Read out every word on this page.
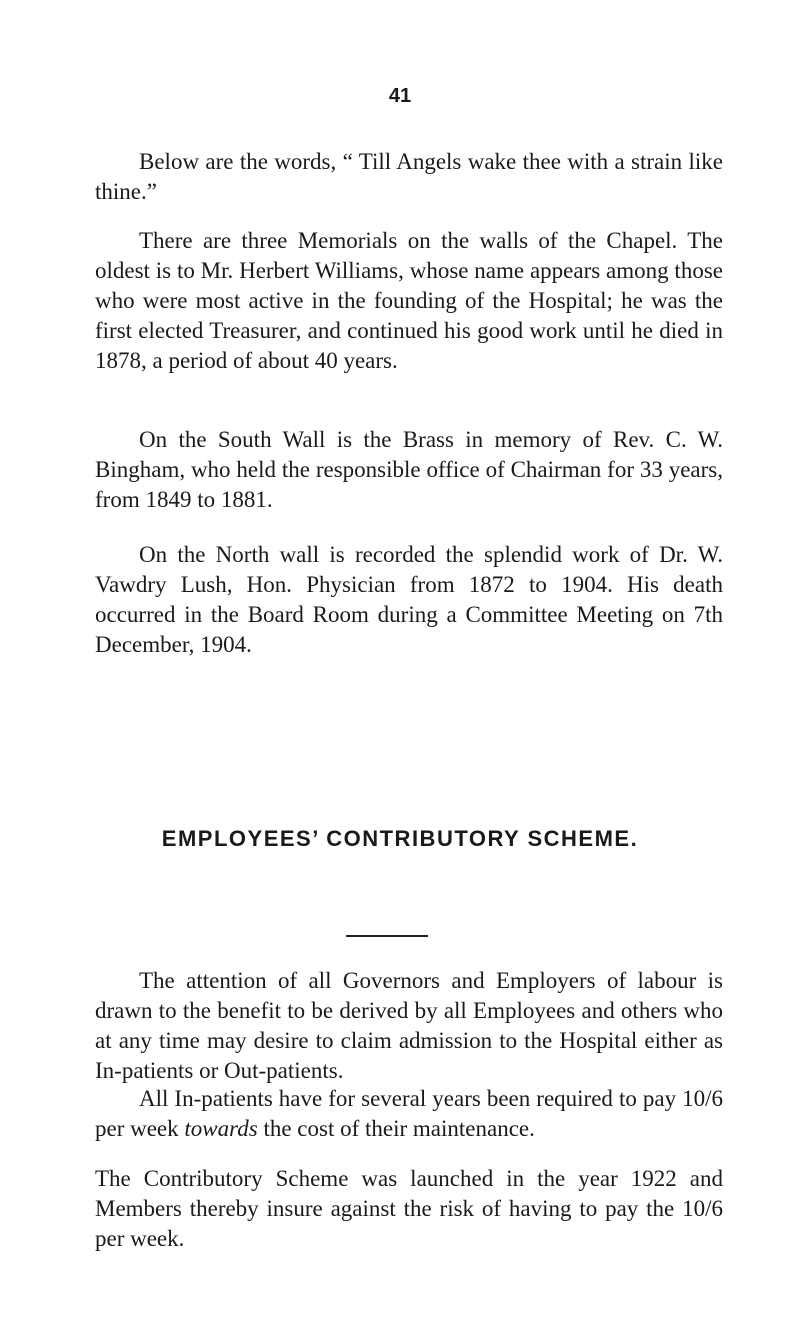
41

Below are the words, “ Till Angels wake thee with a strain like thine.”

There are three Memorials on the walls of the Chapel. The oldest is to Mr. Herbert Williams, whose name appears among those who were most active in the founding of the Hospital; he was the first elected Treasurer, and continued his good work until he died in 1878, a period of about 40 years.

On the South Wall is the Brass in memory of Rev. C. W. Bingham, who held the responsible office of Chairman for 33 years, from 1849 to 1881.

On the North wall is recorded the splendid work of Dr. W. Vawdry Lush, Hon. Physician from 1872 to 1904. His death occurred in the Board Room during a Committee Meeting on 7th December, 1904.

EMPLOYEES’ CONTRIBUTORY SCHEME.

The attention of all Governors and Employers of labour is drawn to the benefit to be derived by all Employees and others who at any time may desire to claim admission to the Hospital either as In-patients or Out-patients.

All In-patients have for several years been required to pay 10/6 per week towards the cost of their maintenance.

The Contributory Scheme was launched in the year 1922 and Members thereby insure against the risk of having to pay the 10/6 per week.
